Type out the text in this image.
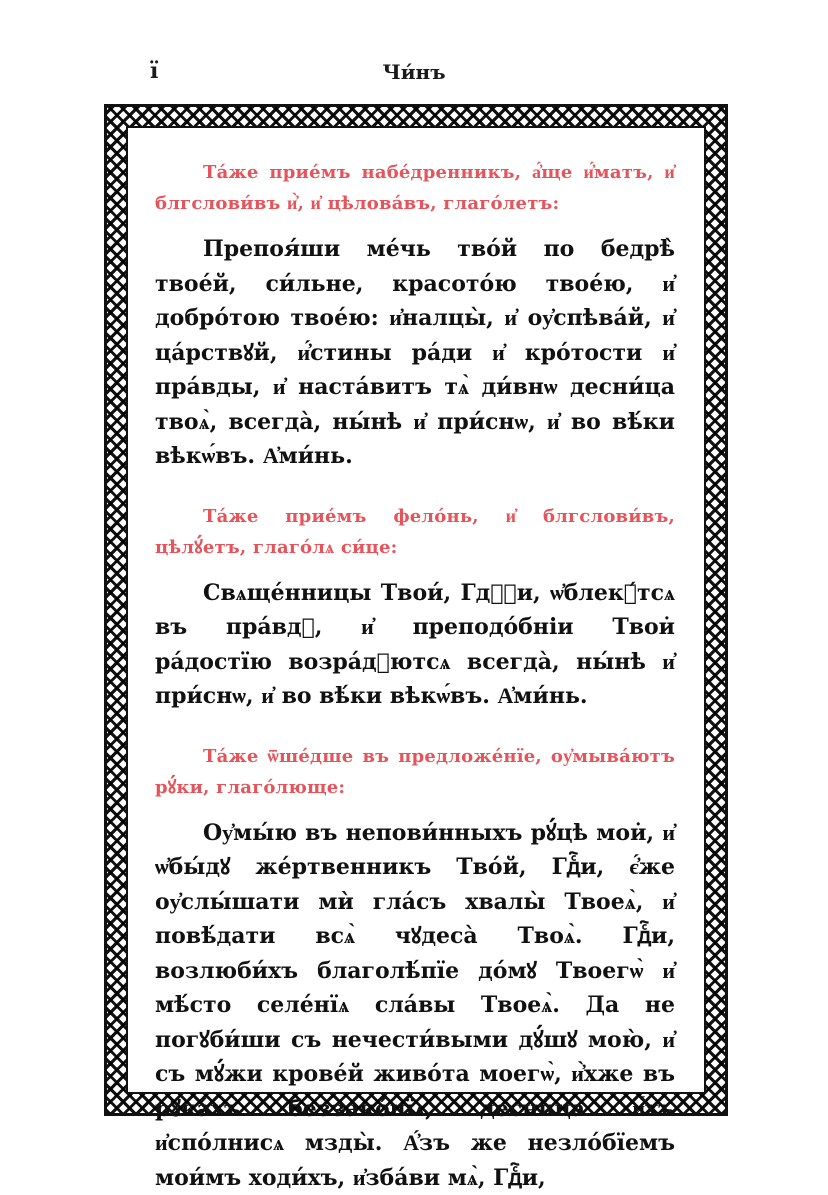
ї	Чи́нъ

Та́же прие́мъ набе́дренникъ, а҆́ще и҆́матъ, и҆ блгcлови́въ и҆̀, и҆ цѣлова́въ, глаго́летъ:

Препоя́ши ме́чь тво́й по бедрѣ̀ твое́й, си́льне, красото́ю твое́ю, и҆ добро́тою твое́ю: и҆налцы̀, и҆ оу҆спѣва́й, и҆ ца́рствꙋй, и҆́стины ра́ди и҆ кро́тости и҆ пра́вды, и҆ наста́витъ тѧ̀ ди́внѡ десни́ца твоѧ̀, всегда̀, ны́нѣ и҆ при́снѡ, и҆ во вѣ́ки вѣкѡ́въ. А҆ми́нь.

Та́же прие́мъ фело́нь, и҆ блгcлови́въ, цѣлꙋ́етъ, глаго́лѧ си́це:

Свѧще́нницы Твои́, Гдⷭ҇и, ѡ҆блекꙋ́тсѧ въ пра́вдꙋ, и҆ преподо́бніи Твои̇ ра́достїю возра́дꙋютсѧ всегда̀, ны́нѣ и҆ при́снѡ, и҆ во вѣ́ки вѣкѡ́въ. А҆ми́нь.

Та́же ѿше́дше въ предложе́нїе, оу҆мыва́ютъ рꙋ́ки, глаго́люще:

Оу҆мы́ю въ непови́нныхъ рꙋ́цѣ мои̇, и҆ ѡ҆бы́дꙋ же́ртвенникъ Тво́й, Гдⷭ҇и, є҆́же оу҆слы́шати мѝ гла́съ хвалы̀ Твоеѧ̀, и҆ повѣ́дати всѧ̀ чꙋдеса̀ Твоѧ̀. Гдⷭ҇и, возлюби́хъ благолѣ́пїе до́мꙋ Твоегѡ̀ и҆ мѣ́сто селе́нїѧ сла́вы Твоеѧ̀. Да не погꙋби́ши съ нечести́выми дꙋ́шꙋ мою̀, и҆ съ мꙋ́жи крове́й живо́та моегѡ̀, и҆̀хже въ рꙋка́хъ беззако́нїѧ, десни́ца и҆́хъ и҆спо́лнисѧ мзды̀. А҆́зъ же незло́бїемъ мои́мъ ходи́хъ, и҆зба́ви мѧ̀, Гдⷭ҇и,
